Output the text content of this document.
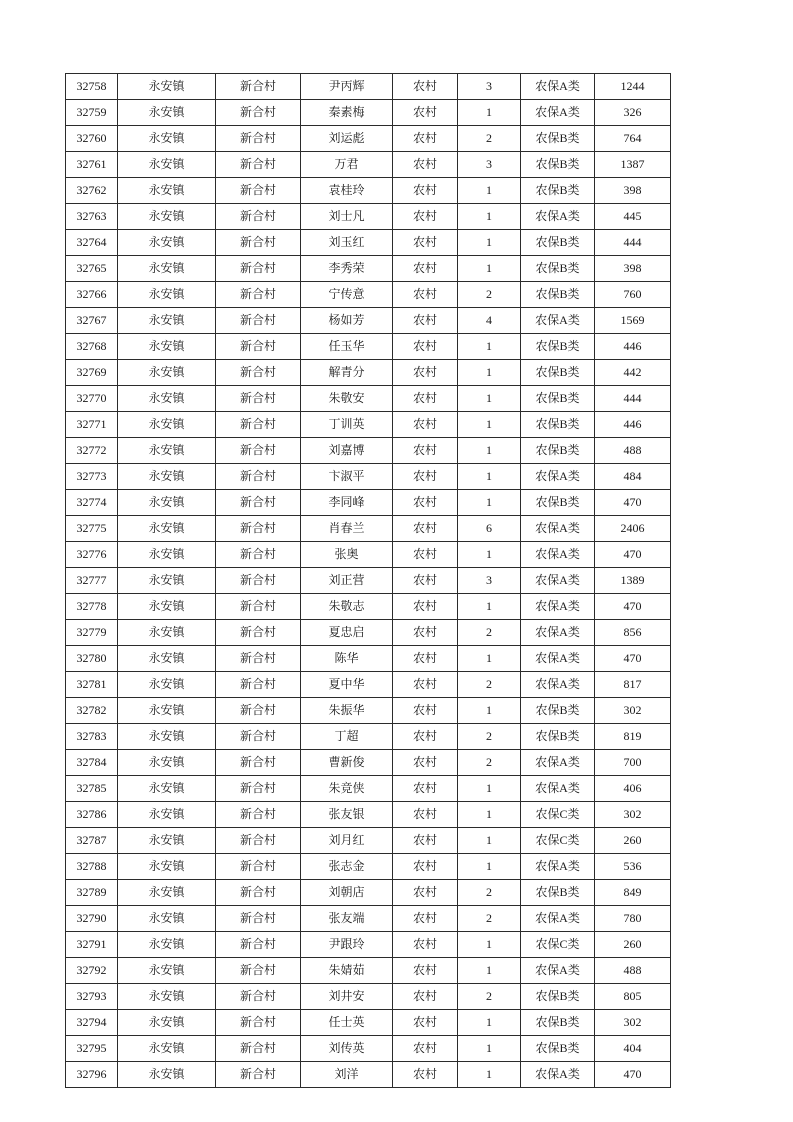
32758	永安镇	新合村	尹丙辉	农村	3	农保A类	1244
32759	永安镇	新合村	秦素梅	农村	1	农保A类	326
32760	永安镇	新合村	刘运彪	农村	2	农保B类	764
32761	永安镇	新合村	万君	农村	3	农保B类	1387
32762	永安镇	新合村	袁桂玲	农村	1	农保B类	398
32763	永安镇	新合村	刘士凡	农村	1	农保A类	445
32764	永安镇	新合村	刘玉红	农村	1	农保B类	444
32765	永安镇	新合村	李秀荣	农村	1	农保B类	398
32766	永安镇	新合村	宁传意	农村	2	农保B类	760
32767	永安镇	新合村	杨如芳	农村	4	农保A类	1569
32768	永安镇	新合村	任玉华	农村	1	农保B类	446
32769	永安镇	新合村	解青分	农村	1	农保B类	442
32770	永安镇	新合村	朱敬安	农村	1	农保B类	444
32771	永安镇	新合村	丁训英	农村	1	农保B类	446
32772	永安镇	新合村	刘嘉博	农村	1	农保B类	488
32773	永安镇	新合村	卞淑平	农村	1	农保A类	484
32774	永安镇	新合村	李同峰	农村	1	农保B类	470
32775	永安镇	新合村	肖春兰	农村	6	农保A类	2406
32776	永安镇	新合村	张奥	农村	1	农保A类	470
32777	永安镇	新合村	刘正营	农村	3	农保A类	1389
32778	永安镇	新合村	朱敬志	农村	1	农保A类	470
32779	永安镇	新合村	夏忠启	农村	2	农保A类	856
32780	永安镇	新合村	陈华	农村	1	农保A类	470
32781	永安镇	新合村	夏中华	农村	2	农保A类	817
32782	永安镇	新合村	朱振华	农村	1	农保B类	302
32783	永安镇	新合村	丁超	农村	2	农保B类	819
32784	永安镇	新合村	曹新俊	农村	2	农保A类	700
32785	永安镇	新合村	朱竞侠	农村	1	农保A类	406
32786	永安镇	新合村	张友银	农村	1	农保C类	302
32787	永安镇	新合村	刘月红	农村	1	农保C类	260
32788	永安镇	新合村	张志金	农村	1	农保A类	536
32789	永安镇	新合村	刘朝店	农村	2	农保B类	849
32790	永安镇	新合村	张友端	农村	2	农保A类	780
32791	永安镇	新合村	尹跟玲	农村	1	农保C类	260
32792	永安镇	新合村	朱婧茹	农村	1	农保A类	488
32793	永安镇	新合村	刘井安	农村	2	农保B类	805
32794	永安镇	新合村	任士英	农村	1	农保B类	302
32795	永安镇	新合村	刘传英	农村	1	农保B类	404
32796	永安镇	新合村	刘洋	农村	1	农保A类	470
